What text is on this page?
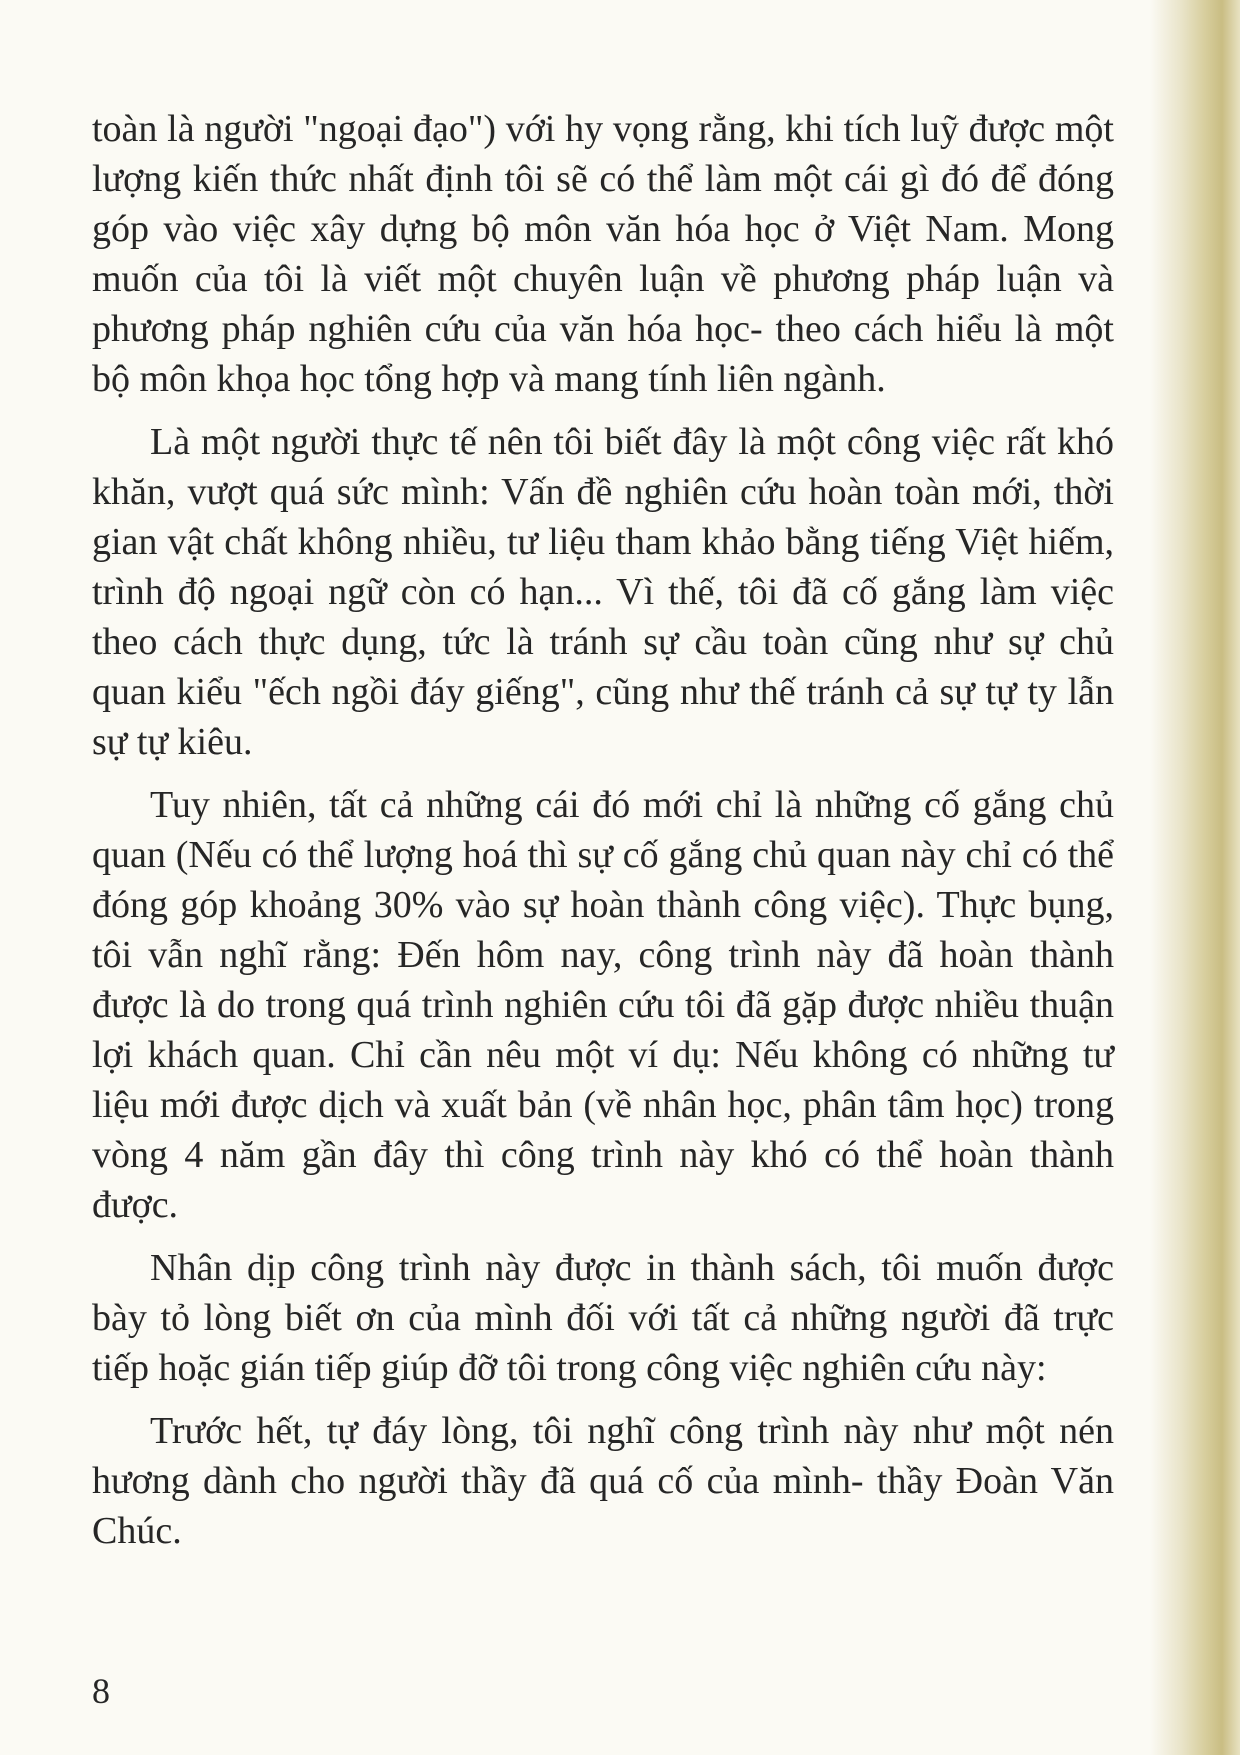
toàn là người "ngoại đạo") với hy vọng rằng, khi tích luỹ được một lượng kiến thức nhất định tôi sẽ có thể làm một cái gì đó để đóng góp vào việc xây dựng bộ môn văn hóa học ở Việt Nam. Mong muốn của tôi là viết một chuyên luận về phương pháp luận và phương pháp nghiên cứu của văn hóa học- theo cách hiểu là một bộ môn khọa học tổng hợp và mang tính liên ngành.

Là một người thực tế nên tôi biết đây là một công việc rất khó khăn, vượt quá sức mình: Vấn đề nghiên cứu hoàn toàn mới, thời gian vật chất không nhiều, tư liệu tham khảo bằng tiếng Việt hiếm, trình độ ngoại ngữ còn có hạn... Vì thế, tôi đã cố gắng làm việc theo cách thực dụng, tức là tránh sự cầu toàn cũng như sự chủ quan kiểu "ếch ngồi đáy giếng", cũng như thế tránh cả sự tự ty lẫn sự tự kiêu.

Tuy nhiên, tất cả những cái đó mới chỉ là những cố gắng chủ quan (Nếu có thể lượng hoá thì sự cố gắng chủ quan này chỉ có thể đóng góp khoảng 30% vào sự hoàn thành công việc). Thực bụng, tôi vẫn nghĩ rằng: Đến hôm nay, công trình này đã hoàn thành được là do trong quá trình nghiên cứu tôi đã gặp được nhiều thuận lợi khách quan. Chỉ cần nêu một ví dụ: Nếu không có những tư liệu mới được dịch và xuất bản (về nhân học, phân tâm học) trong vòng 4 năm gần đây thì công trình này khó có thể hoàn thành được.

Nhân dịp công trình này được in thành sách, tôi muốn được bày tỏ lòng biết ơn của mình đối với tất cả những người đã trực tiếp hoặc gián tiếp giúp đỡ tôi trong công việc nghiên cứu này:

Trước hết, tự đáy lòng, tôi nghĩ công trình này như một nén hương dành cho người thầy đã quá cố của mình- thầy Đoàn Văn Chúc.

8
